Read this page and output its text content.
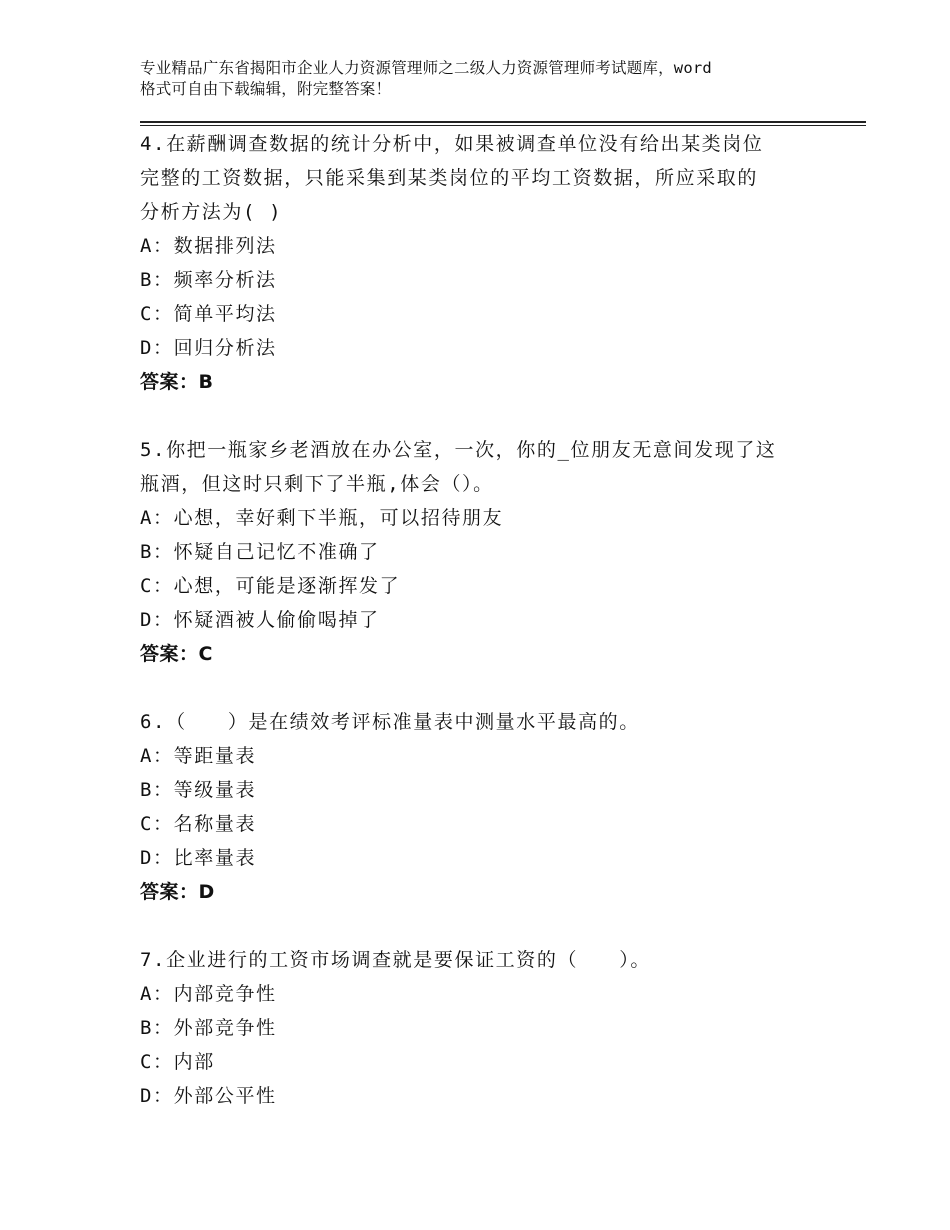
专业精品广东省揭阳市企业人力资源管理师之二级人力资源管理师考试题库，word
格式可自由下载编辑，附完整答案！
4.在薪酬调查数据的统计分析中，如果被调查单位没有给出某类岗位
完整的工资数据，只能采集到某类岗位的平均工资数据，所应采取的
分析方法为( )
A：数据排列法
B：频率分析法
C：简单平均法
D：回归分析法
答案：B
5.你把一瓶家乡老酒放在办公室，一次，你的_位朋友无意间发现了这
瓶酒，但这时只剩下了半瓶,体会（）。
A：心想，幸好剩下半瓶，可以招待朋友
B：怀疑自己记忆不准确了
C：心想，可能是逐渐挥发了
D：怀疑酒被人偷偷喝掉了
答案：C
6.（　　）是在绩效考评标准量表中测量水平最高的。
A：等距量表
B：等级量表
C：名称量表
D：比率量表
答案：D
7.企业进行的工资市场调查就是要保证工资的（　　）。
A：内部竞争性
B：外部竞争性
C：内部
D：外部公平性
